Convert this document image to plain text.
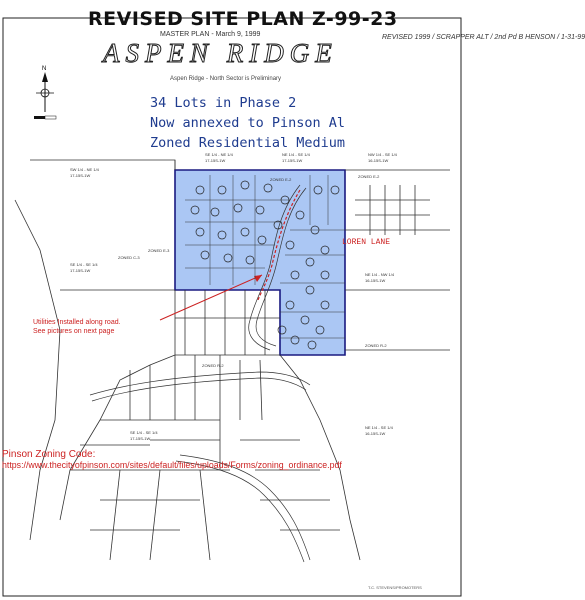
N
REVISED SITE PLAN Z-99-23
MASTER PLAN - March 9, 1999
ASPEN RIDGE
Aspen Ridge - North Sector is Preliminary
REVISED 1999 / SCRAPPER ALT / 2nd Pd B HENSON / 1-31-99
34 Lots in Phase 2
Now annexed to Pinson Al
Zoned Residential Medium
LOREN LANE
Utilities Installed along road.
See pictures on next page
ZONED E-2
ZONED E-2
ZONED R-2
ZONED R-2
ZONED E-3
ZONED C-3
SE 1/4 - NE 1/4
17-15S-1W
NE 1/4 - SE 1/4
17-15S-1W
NW 1/4 - SE 1/4
16-15S-1W
SW 1/4 - NE 1/4
17-15S-1W
SE 1/4 - SE 1/4
17-15S-1W
NE 1/4 - NW 1/4
16-15S-1W
SE 1/4 - SE 1/4
17-15S-1W
NE 1/4 - SE 1/4
16-15S-1W
Pinson Zoning Code:
https://www.thecityofpinson.com/sites/default/files/uploads/Forms/zoning_ordinance.pdf
T.C. STEVENS/PROMOTERS
